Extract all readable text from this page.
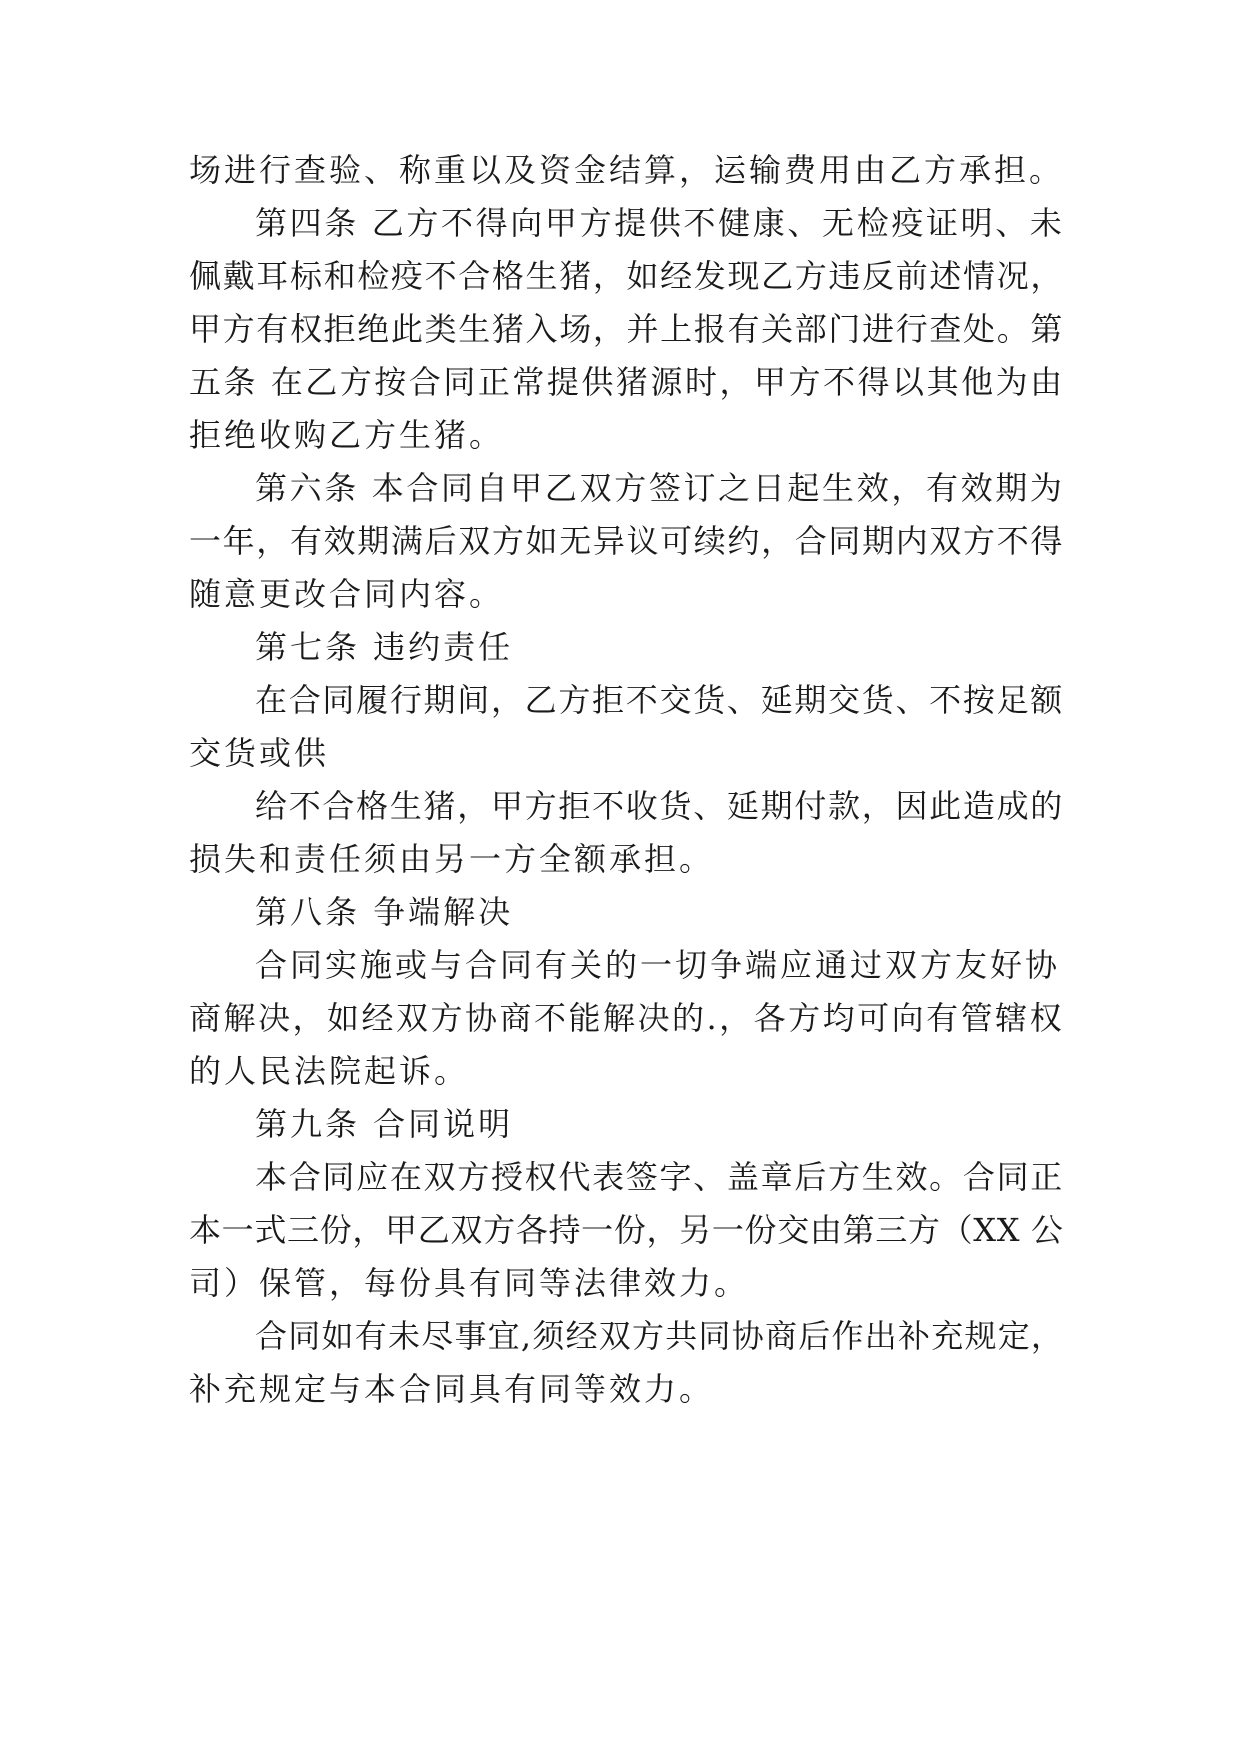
场进行查验、称重以及资金结算，运输费用由乙方承担。
第四条 乙方不得向甲方提供不健康、无检疫证明、未
佩戴耳标和检疫不合格生猪，如经发现乙方违反前述情况，
甲方有权拒绝此类生猪入场，并上报有关部门进行查处。第
五条 在乙方按合同正常提供猪源时，甲方不得以其他为由
拒绝收购乙方生猪。
第六条 本合同自甲乙双方签订之日起生效，有效期为
一年，有效期满后双方如无异议可续约，合同期内双方不得
随意更改合同内容。
第七条 违约责任
在合同履行期间，乙方拒不交货、延期交货、不按足额
交货或供
给不合格生猪，甲方拒不收货、延期付款，因此造成的
损失和责任须由另一方全额承担。
第八条 争端解决
合同实施或与合同有关的一切争端应通过双方友好协
商解决，如经双方协商不能解决的.，各方均可向有管辖权
的人民法院起诉。
第九条 合同说明
本合同应在双方授权代表签字、盖章后方生效。合同正
本一式三份，甲乙双方各持一份，另一份交由第三方（XX 公
司）保管，每份具有同等法律效力。
合同如有未尽事宜,须经双方共同协商后作出补充规定，
补充规定与本合同具有同等效力。
